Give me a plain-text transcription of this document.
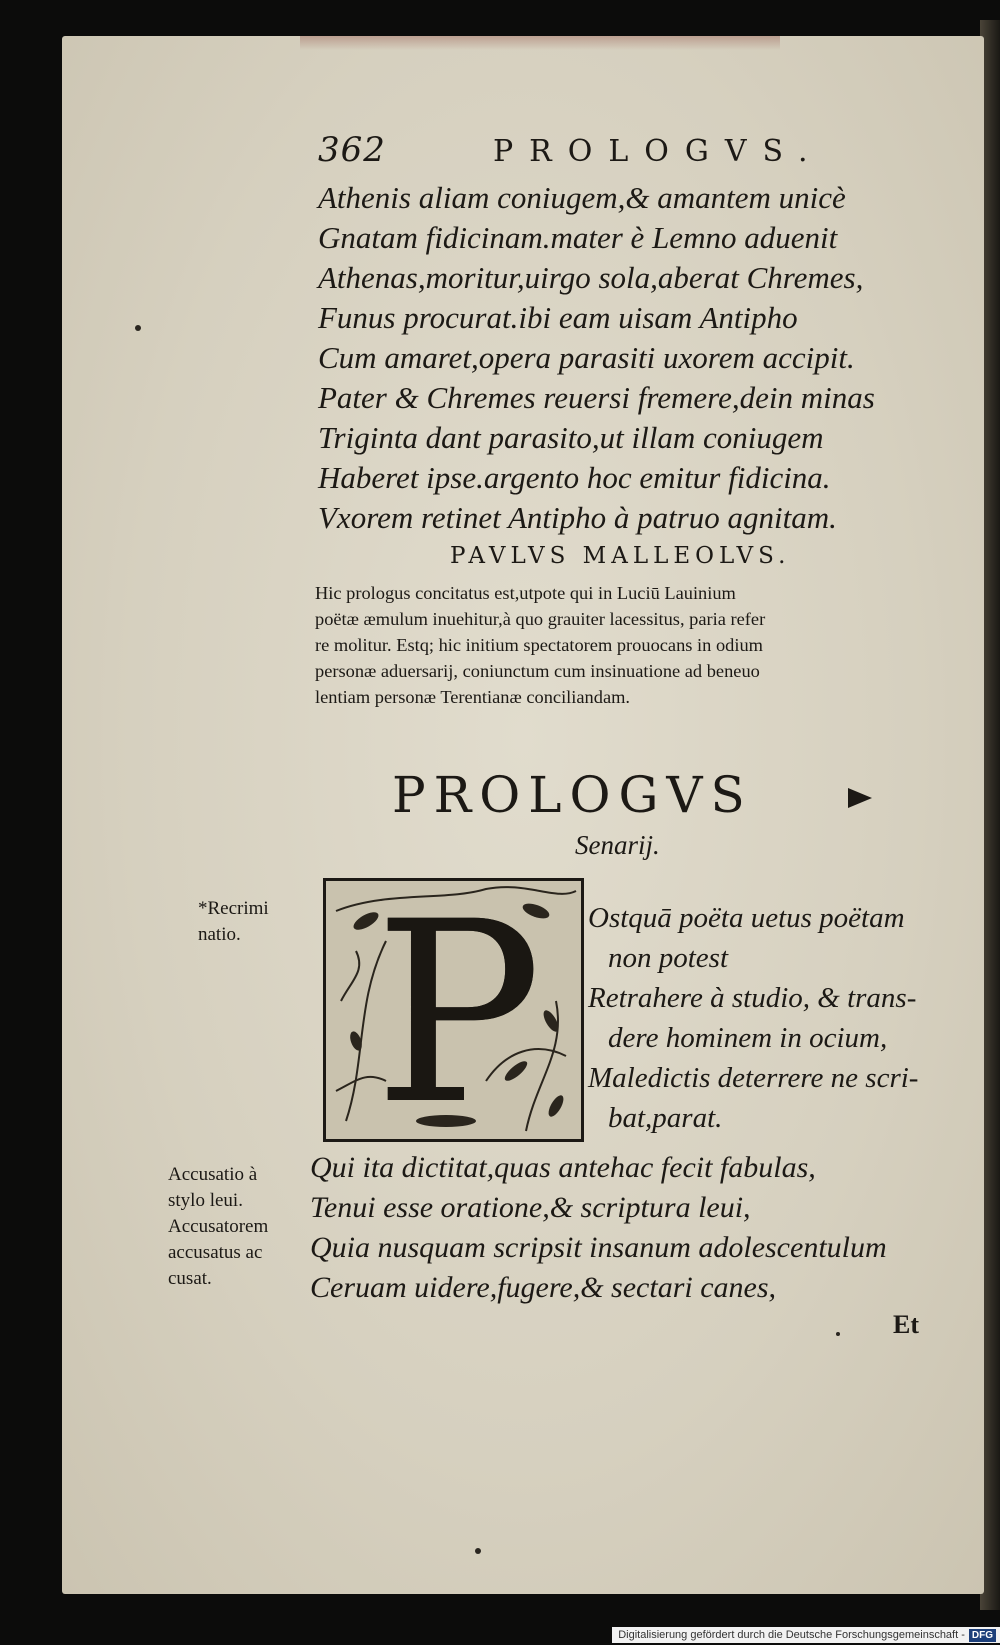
362	PROLOGVS.
Athenis aliam coniugem,& amantem unicè
Gnatam fidicinam.mater è Lemno aduenit
Athenas,moritur,uirgo sola,aberat Chremes,
Funus procurat.ibi eam uisam Antipho
Cum amaret,opera parasiti uxorem accipit.
Pater & Chremes reuersi fremere,dein minas
Triginta dant parasito,ut illam coniugem
Haberet ipse.argento hoc emitur fidicina.
Vxorem retinet Antipho à patruo agnitam.
PAVLVS MALLEOLVS.
Hic prologus concitatus est,utpote qui in Luciū Lauinium
poëtæ æmulum inuehitur,à quo grauiter lacessitus, paria refer
re molitur. Estq; hic initium spectatorem prouocans in odium
personæ aduersarij, coniunctum cum insinuatione ad beneuo
lentiam personæ Terentianæ conciliandam.
PROLOGVS
Senarij.
P Ostquā poëta uetus poëtam
non potest
Retrahere à studio, & trans-
dere hominem in ocium,
Maledictis deterrere ne scri-
bat,parat.
Qui ita dictitat,quas antehac fecit fabulas,
Tenui esse oratione,& scriptura leui,
Quia nusquam scripsit insanum adolescentulum
Ceruam uidere,fugere,& sectari canes,
*Recrimi
natio.
Accusatio à
stylo leui.
Accusatorem
accusatus ac
cusat.
Et
Digitalisierung gefördert durch die Deutsche Forschungsgemeinschaft - DFG
